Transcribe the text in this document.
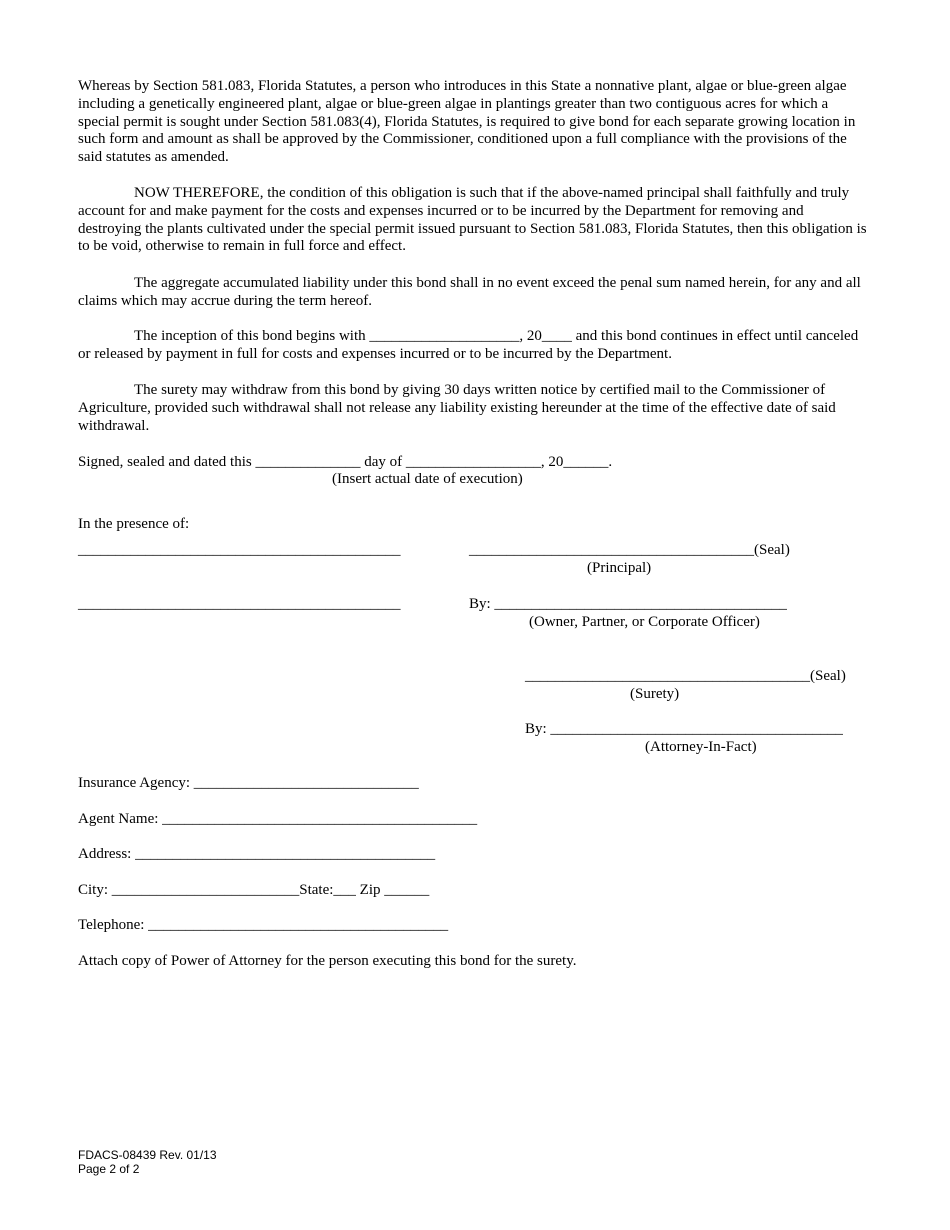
Whereas by Section 581.083, Florida Statutes, a person who introduces in this State a nonnative plant, algae or blue-green algae including a genetically engineered plant, algae or blue-green algae in plantings greater than two contiguous acres for which a special permit is sought under Section 581.083(4), Florida Statutes, is required to give bond for each separate growing location in such form and amount as shall be approved by the Commissioner, conditioned upon a full compliance with the provisions of the said statutes as amended.

NOW THEREFORE, the condition of this obligation is such that if the above-named principal shall faithfully and truly account for and make payment for the costs and expenses incurred or to be incurred by the Department for removing and destroying the plants cultivated under the special permit issued pursuant to Section 581.083, Florida Statutes, then this obligation is to be void, otherwise to remain in full force and effect.

The aggregate accumulated liability under this bond shall in no event exceed the penal sum named herein, for any and all claims which may accrue during the term hereof.

The inception of this bond begins with ____________________, 20____ and this bond continues in effect until canceled or released by payment in full for costs and expenses incurred or to be incurred by the Department.

The surety may withdraw from this bond by giving 30 days written notice by certified mail to the Commissioner of Agriculture, provided such withdrawal shall not release any liability existing hereunder at the time of the effective date of said withdrawal.

Signed, sealed and dated this ______________ day of __________________, 20______.
(Insert actual date of execution)
In the presence of:
___________________________________________
___________________________________________
______________________________________(Seal)
(Principal)
By: _______________________________________
(Owner, Partner, or Corporate Officer)
______________________________________(Seal)
(Surety)
By: _______________________________________
(Attorney-In-Fact)
Insurance Agency: ______________________________
Agent Name: __________________________________________
Address: ________________________________________
City: _________________________State:___ Zip ______
Telephone: ________________________________________
Attach copy of Power of Attorney for the person executing this bond for the surety.
FDACS-08439 Rev. 01/13
Page 2 of 2
